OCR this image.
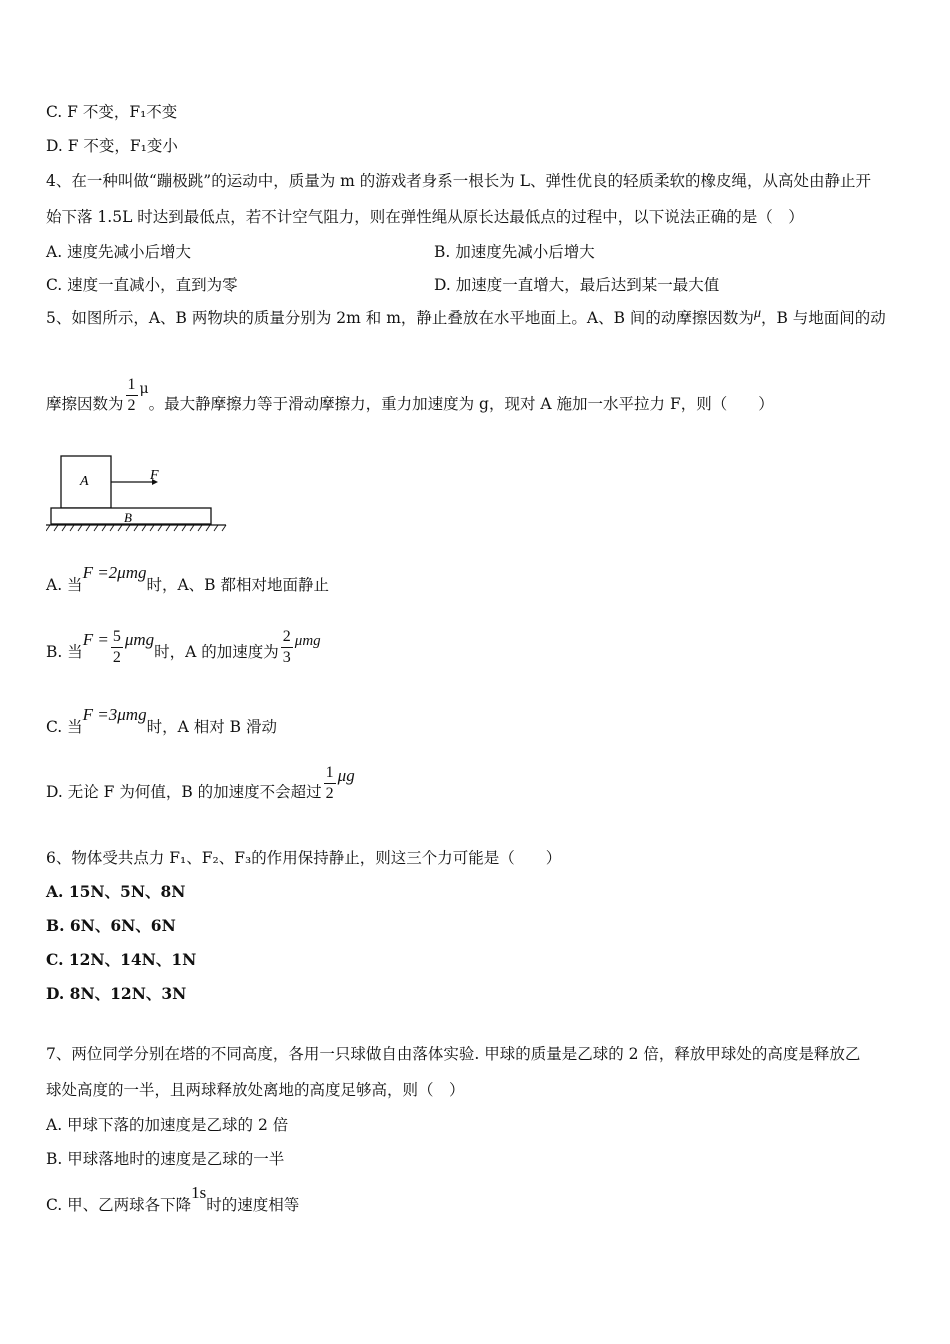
C. F 不变，F₁不变
D. F 不变，F₁变小
4、在一种叫做“蹦极跳”的运动中，质量为 m 的游戏者身系一根长为 L、弹性优良的轻质柔软的橡皮绳，从高处由静止开
始下落 1.5L 时达到最低点，若不计空气阻力，则在弹性绳从原长达最低点的过程中，以下说法正确的是（　）
A. 速度先减小后增大	B. 加速度先减小后增大
C. 速度一直减小，直到为零	D. 加速度一直增大，最后达到某一最大值
5、如图所示，A、B 两物块的质量分别为 2m 和 m，静止叠放在水平地面上。A、B 间的动摩擦因数为μ，B 与地面间的动
摩擦因数为 $\frac{1}{2}$ μ。最大静摩擦力等于滑动摩擦力，重力加速度为 g，现对 A 施加一水平拉力 F，则（　　）
A	F
B
A. 当F =2μmg时，A、B 都相对地面静止
B. 当$F = \frac{5}{2}$ μmg时，A 的加速度为 $\frac{2}{3}$ μmg
C. 当F =3μmg时，A 相对 B 滑动
D. 无论 F 为何值，B 的加速度不会超过 $\frac{1}{2}$ μg
6、物体受共点力 F₁、F₂、F₃的作用保持静止，则这三个力可能是（　　）
A. 15N、5N、8N
B. 6N、6N、6N
C. 12N、14N、1N
D. 8N、12N、3N
7、两位同学分别在塔的不同高度，各用一只球做自由落体实验. 甲球的质量是乙球的 2 倍，释放甲球处的高度是释放乙
球处高度的一半，且两球释放处离地的高度足够高，则（　）
A. 甲球下落的加速度是乙球的 2 倍
B. 甲球落地时的速度是乙球的一半
C. 甲、乙两球各下降1s时的速度相等
